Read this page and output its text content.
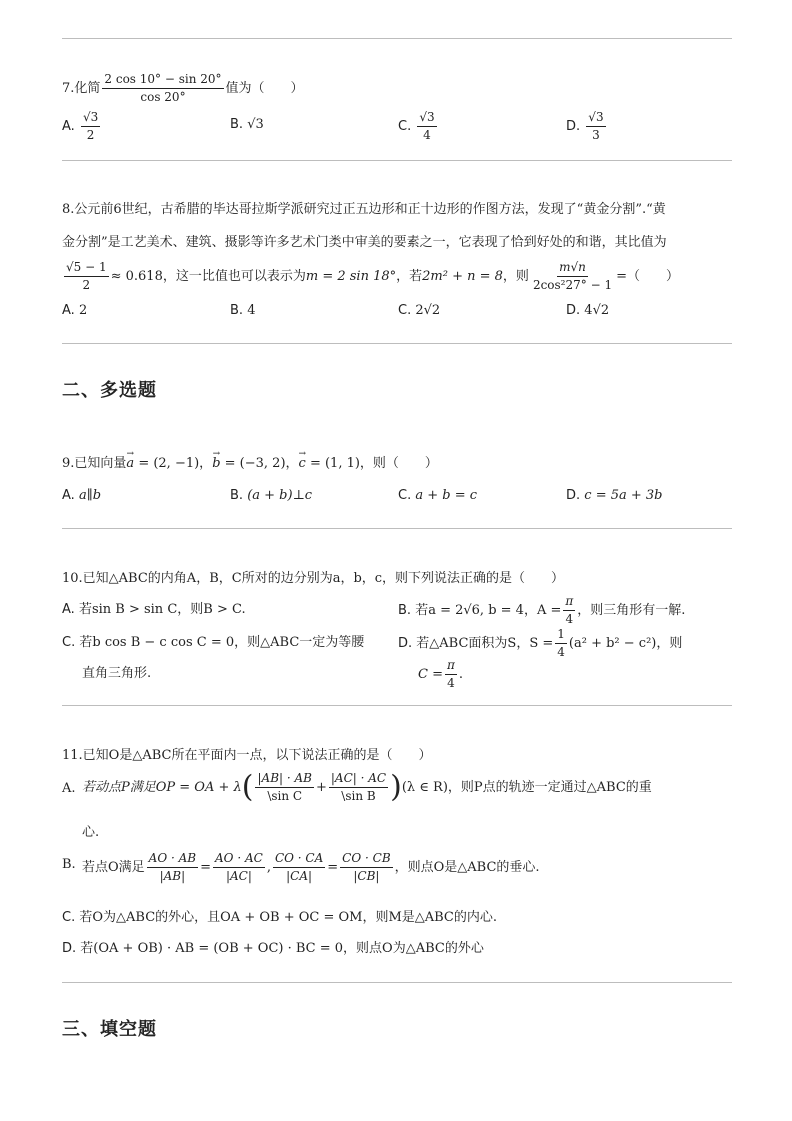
7.化简 $\frac{2 \cos 10^\circ - \sin 20^\circ}{\cos 20^\circ}$ 值为（　　）
A. $\frac{√3}{2}$	B. √3	C. $\frac{√3}{4}$	D. $\frac{√3}{3}$
8.公元前6世纪，古希腊的毕达哥拉斯学派研究过正五边形和正十边形的作图方法，发现了“黄金分割”.“黄
金分割”是工艺美术、建筑、摄影等许多艺术门类中审美的要素之一，它表现了恰到好处的和谐，其比值为
$\frac{√5 - 1}{2} \approx 0.618$，这一比值也可以表示为m = 2 sin 18°，若2m² + n = 8，则 $\frac{m√n}{\text{2cos²27° − 1}}$ =（　　）
A. 2	B. 4	C. 2√2	D. 4√2
二、多选题
9.已知向量→ a = (2, −1)，→ b = (−3, 2)，→ c = (1, 1)，则（　　）
A. a∥b	B. (a + b)⊥c	C. a + b = c	D. c = 5a + 3b
10.已知△ABC的内角A，B，C所对的边分别为a，b，c，则下列说法正确的是（　　）
A. 若sin B > sin C，则B > C.	B. 若a = 2√6, b = 4，$A = \frac{\pi}{4}$ ，则三角形有一解.
C. 若b cos B − c cos C = 0，则△ABC一定为等腰
直角三角形.
D. 若△ABC面积为S，$S = \frac{1}{4} (a^2 + b^2 - c^2)$，则
$C = \frac{\pi}{4}$ .
11.已知O是△ABC所在平面内一点，以下说法正确的是（　　）
A. 若动点P满足OP = OA + $\lambda( \frac{|AB| \cdot AB}{\text{\textbackslash{}sin C}} + \frac{|AC| \cdot AC}{\text{\textbackslash{}sin B}} )(\lambda$ ∈ R)，则P点的轨迹一定通过△ABC的重
心.
B. 若点O满足 $\frac{AO \cdot AB}{|AB|} = \frac{AO \cdot AC}{|AC|}$ , $\frac{CO \cdot CA}{|CA|} = \frac{CO \cdot CB}{|CB|}$ ，则点O是△ABC的垂心.
C. 若O为△ABC的外心，且OA + OB + OC = OM，则M是△ABC的内心.
D. 若(OA + OB) · AB = (OB + OC) · BC = 0，则点O为△ABC的外心
三、填空题
